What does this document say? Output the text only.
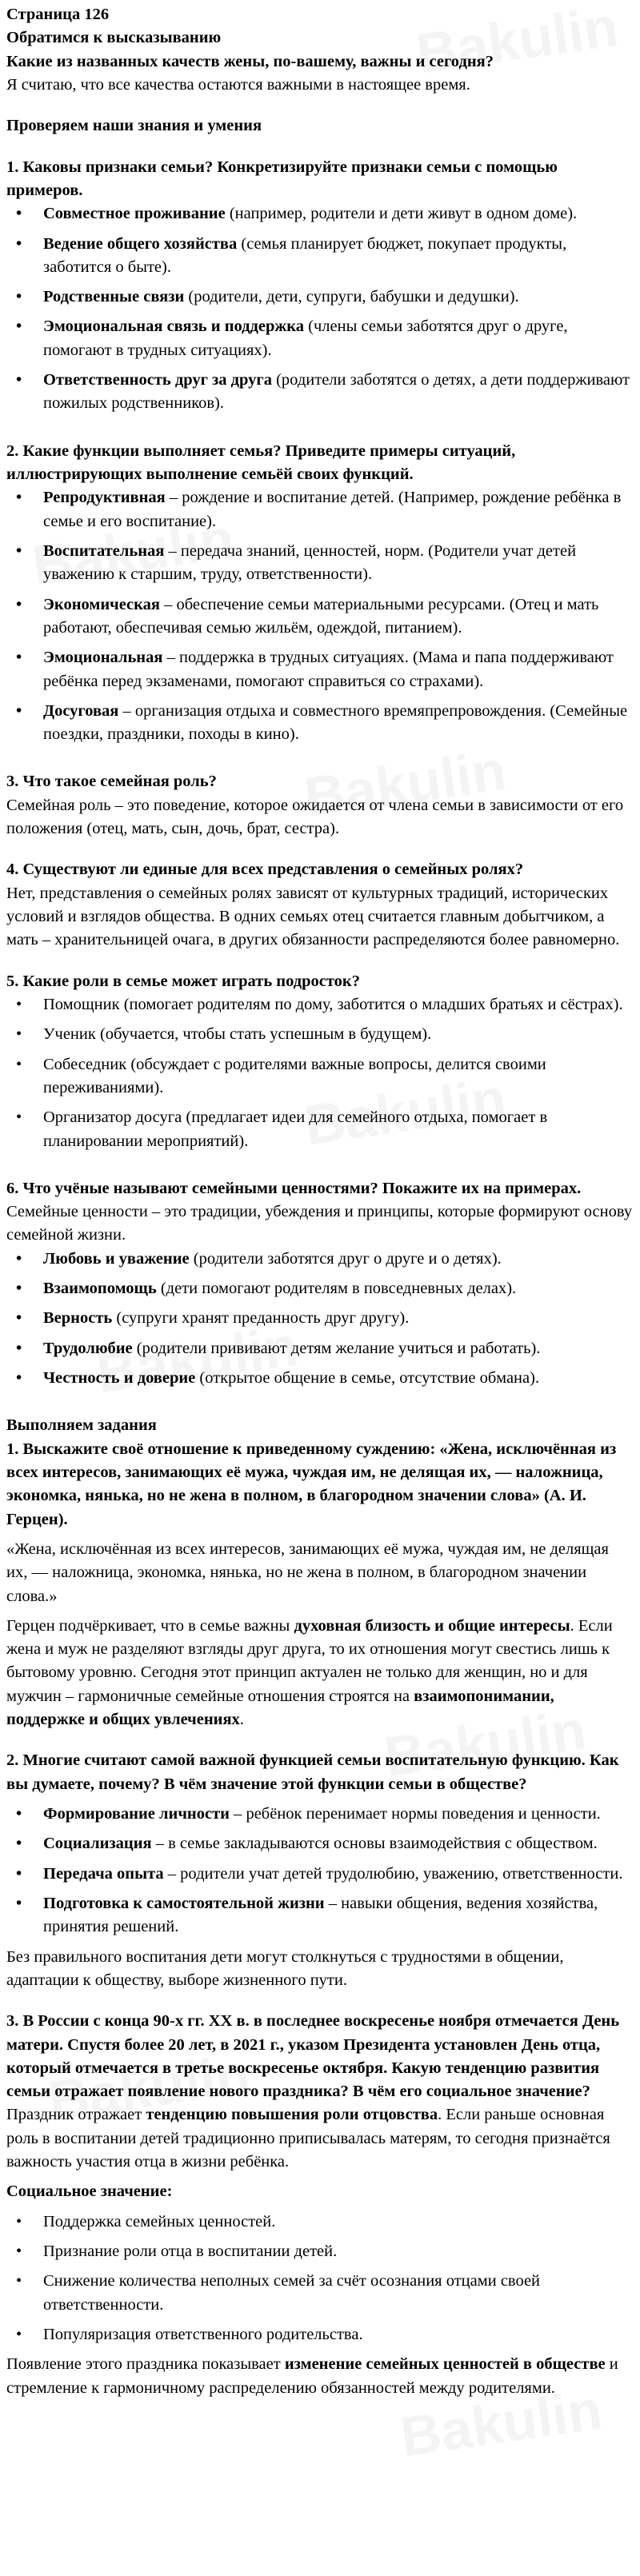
Страница 126

Обратимся к высказыванию

Какие из названных качеств жены, по-вашему, важны и сегодня?

Я считаю, что все качества остаются важными в настоящее время.

Проверяем наши знания и умения

1. Каковы признаки семьи? Конкретизируйте признаки семьи с помощью примеров.

• Совместное проживание (например, родители и дети живут в одном доме).
• Ведение общего хозяйства (семья планирует бюджет, покупает продукты, заботится о быте).
• Родственные связи (родители, дети, супруги, бабушки и дедушки).
• Эмоциональная связь и поддержка (члены семьи заботятся друг о друге, помогают в трудных ситуациях).
• Ответственность друг за друга (родители заботятся о детях, а дети поддерживают пожилых родственников).

2. Какие функции выполняет семья? Приведите примеры ситуаций, иллюстрирующих выполнение семьёй своих функций.

• Репродуктивная – рождение и воспитание детей. (Например, рождение ребёнка в семье и его воспитание).
• Воспитательная – передача знаний, ценностей, норм. (Родители учат детей уважению к старшим, труду, ответственности).
• Экономическая – обеспечение семьи материальными ресурсами. (Отец и мать работают, обеспечивая семью жильём, одеждой, питанием).
• Эмоциональная – поддержка в трудных ситуациях. (Мама и папа поддерживают ребёнка перед экзаменами, помогают справиться со страхами).
• Досуговая – организация отдыха и совместного времяпрепровождения. (Семейные поездки, праздники, походы в кино).

3. Что такое семейная роль?

Семейная роль – это поведение, которое ожидается от члена семьи в зависимости от его положения (отец, мать, сын, дочь, брат, сестра).

4. Существуют ли единые для всех представления о семейных ролях?

Нет, представления о семейных ролях зависят от культурных традиций, исторических условий и взглядов общества. В одних семьях отец считается главным добытчиком, а мать – хранительницей очага, в других обязанности распределяются более равномерно.

5. Какие роли в семье может играть подросток?

• Помощник (помогает родителям по дому, заботится о младших братьях и сёстрах).
• Ученик (обучается, чтобы стать успешным в будущем).
• Собеседник (обсуждает с родителями важные вопросы, делится своими переживаниями).
• Организатор досуга (предлагает идеи для семейного отдыха, помогает в планировании мероприятий).

6. Что учёные называют семейными ценностями? Покажите их на примерах.

Семейные ценности – это традиции, убеждения и принципы, которые формируют основу семейной жизни.

• Любовь и уважение (родители заботятся друг о друге и о детях).
• Взаимопомощь (дети помогают родителям в повседневных делах).
• Верность (супруги хранят преданность друг другу).
• Трудолюбие (родители прививают детям желание учиться и работать).
• Честность и доверие (открытое общение в семье, отсутствие обмана).

Выполняем задания

1. Выскажите своё отношение к приведенному суждению: «Жена, исключённая из всех интересов, занимающих её мужа, чуждая им, не делящая их, — наложница, экономка, нянька, но не жена в полном, в благородном значении слова» (А. И. Герцен).

«Жена, исключённая из всех интересов, занимающих её мужа, чуждая им, не делящая их, — наложница, экономка, нянька, но не жена в полном, в благородном значении слова.»

Герцен подчёркивает, что в семье важны духовная близость и общие интересы. Если жена и муж не разделяют взгляды друг друга, то их отношения могут свестись лишь к бытовому уровню. Сегодня этот принцип актуален не только для женщин, но и для мужчин – гармоничные семейные отношения строятся на взаимопонимании, поддержке и общих увлечениях.

2. Многие считают самой важной функцией семьи воспитательную функцию. Как вы думаете, почему? В чём значение этой функции семьи в обществе?

• Формирование личности – ребёнок перенимает нормы поведения и ценности.
• Социализация – в семье закладываются основы взаимодействия с обществом.
• Передача опыта – родители учат детей трудолюбию, уважению, ответственности.
• Подготовка к самостоятельной жизни – навыки общения, ведения хозяйства, принятия решений.

Без правильного воспитания дети могут столкнуться с трудностями в общении, адаптации к обществу, выборе жизненного пути.

3. В России с конца 90-х гг. XX в. в последнее воскресенье ноября отмечается День матери. Спустя более 20 лет, в 2021 г., указом Президента установлен День отца, который отмечается в третье воскресенье октября. Какую тенденцию развития семьи отражает появление нового праздника? В чём его социальное значение?

Праздник отражает тенденцию повышения роли отцовства. Если раньше основная роль в воспитании детей традиционно приписывалась матерям, то сегодня признаётся важность участия отца в жизни ребёнка.

Социальное значение:

• Поддержка семейных ценностей.
• Признание роли отца в воспитании детей.
• Снижение количества неполных семей за счёт осознания отцами своей ответственности.
• Популяризация ответственного родительства.

Появление этого праздника показывает изменение семейных ценностей в обществе и стремление к гармоничному распределению обязанностей между родителями.
